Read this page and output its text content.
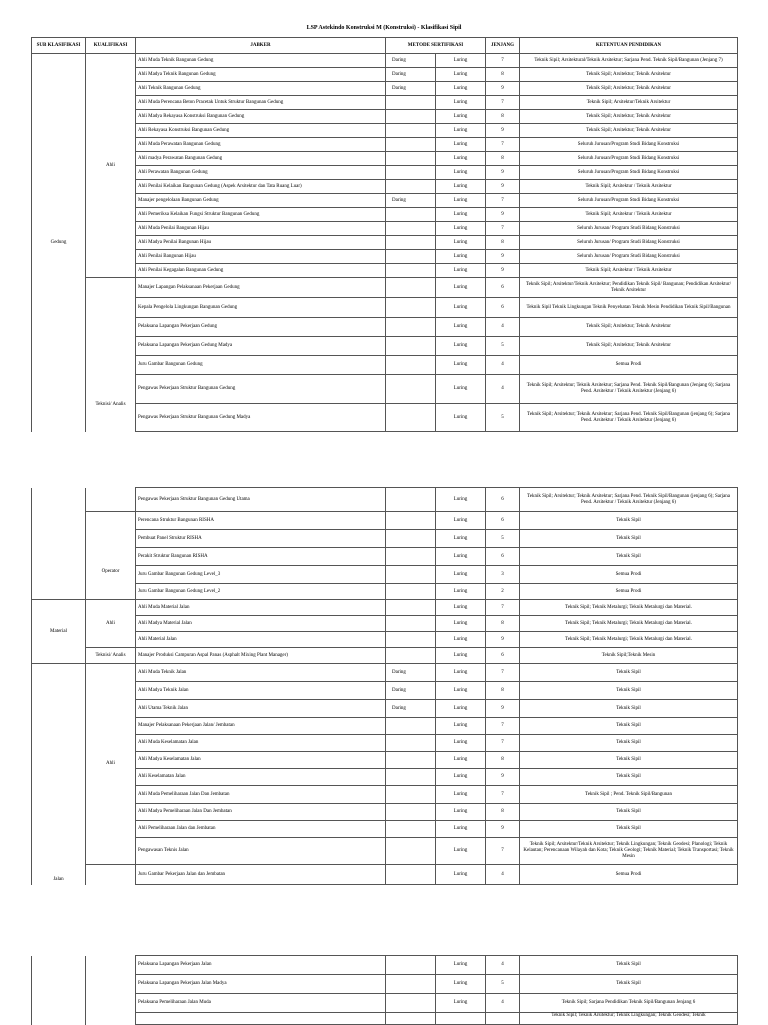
LSP Astekindo Konstruksi M (Konstruksi) - Klasifikasi Sipil
SUB KLASIFIKASI	KUALIFIKASI	JABKER	METODE SERTIFIKASI		JENJANG	KETENTUAN PENDIDIKAN
Gedung	Ahli	Ahli Muda Teknik Bangunan Gedung	Daring	Luring	7	Teknik Sipil; Arsitektural/Teknik Arsitektur; Sarjana Pend. Teknik Sipil/Bangunan (Jenjang 7)
		Ahli Madya Teknik Bangunan Gedung	Daring	Luring	8	Teknik Sipil; Arsitektur; Teknik Arsitektur
		Ahli Teknik Bangunan Gedung	Daring	Luring	9	Teknik Sipil; Arsitektur; Teknik Arsitektur
		Ahli Muda Perencana Beton Pracetak Untuk Struktur Bangunan Gedung		Luring	7	Teknik Sipil; Arsitektur/Teknik Arsitektur
		Ahli Madya Rekayasa Konstruksi Bangunan Gedung		Luring	8	Teknik Sipil; Arsitektur; Teknik Arsitektur
		Ahli Rekayasa Konstruksi Bangunan Gedung		Luring	9	Teknik Sipil; Arsitektur; Teknik Arsitektur
		Ahli Muda Perawatan Bangunan Gedung		Luring	7	Seluruh Jurusan/Program Studi Bidang Konstruksi
		Ahli madya Perawatan Bangunan Gedung		Luring	8	Seluruh Jurusan/Program Studi Bidang Konstruksi
		Ahli Perawatan Bangunan Gedung		Luring	9	Seluruh Jurusan/Program Studi Bidang Konstruksi
		Ahli Penilai Kelaikan Bangunan Gedung (Aspek Arsitektur dan Tata Ruang Luar)		Luring	9	Teknik Sipil; Arsitektur / Teknik Arsitektur
		Manajer pengelolaan Bangunan Gedung	Daring	Luring	7	Seluruh Jurusan/Program Studi Bidang Konstruksi
		Ahli Pemeriksa Kelaikan Fungsi Struktur Bangunan Gedung		Luring	9	Teknik Sipil; Arsitektur / Teknik Arsitektur
		Ahli Muda Penilai Bangunan Hijau		Luring	7	Seluruh Jurusan/ Program Studi Bidang Konstruksi
		Ahli Madya Penilai Bangunan Hijau		Luring	8	Seluruh Jurusan/ Program Studi Bidang Konstruksi
		Ahli Penilai Bangunan Hijau		Luring	9	Seluruh Jurusan/ Program Studi Bidang Konstruksi
		Ahli Penilai Kegagalan Bangunan Gedung		Luring	9	Teknik Sipil; Arsitektur / Teknik Arsitektur
	Teknisi/ Analis	Manajer Lapangan Pelaksanaan Pekerjaan Gedung		Luring	6	Teknik Sipil; Arsitektur/Teknik Arsitektur; Pendidikan Teknik Sipil/ Bangunan; Pendidikan Arsitektur/ Teknik Arsitektur
		Kepala Pengelola Lingkungan Bangunan Gedung		Luring	6	Teknik Sipil Teknik Lingkungan Teknik Penyehatan Teknik Mesin Pendidikan Teknik Sipil/Bangunan
		Pelaksana Lapangan Pekerjaan Gedung		Luring	4	Teknik Sipil; Arsitektur; Teknik Arsitektur
		Pelaksana Lapangan Pekerjaan Gedung Madya		Luring	5	Teknik Sipil; Arsitektur; Teknik Arsitektur
		Juru Gambar Bangunan Gedung		Luring	4	Semua Prodi
		Pengawas Pekerjaan Struktur Bangunan Gedung		Luring	4	Teknik Sipil; Arsitektur; Teknik Arsitektur; Sarjana Pend. Teknik Sipil/Bangunan (Jenjang 6); Sarjana Pend. Arsitektur / Teknik Arsitektur (Jenjang 6)
		Pengawas Pekerjaan Struktur Bangunan Gedung Madya		Luring	5	Teknik Sipil; Arsitektur; Teknik Arsitektur; Sarjana Pend. Teknik Sipil/Bangunan (jenjang 6); Sarjana Pend. Arsitektur / Teknik Arsitektur (Jenjang 6)
		Pengawas Pekerjaan Struktur Bangunan Gedung Utama		Luring	6	Teknik Sipil; Arsitektur; Teknik Arsitektur; Sarjana Pend. Teknik Sipil/Bangunan (jenjang 6); Sarjana Pend. Arsitektur / Teknik Arsitektur (Jenjang 6)
	Operator	Perencana Struktur Bangunan RISHA		Luring	6	Teknik Sipil
		Pembuat Panel Struktur RISHA		Luring	5	Teknik Sipil
		Perakit Struktur Bangunan RISHA		Luring	6	Teknik Sipil
		Juru Gambar Bangunan Gedung Level_3		Luring	3	Semua Prodi
		Juru Gambar Bangunan Gedung Level_2		Luring	2	Semua Prodi
Material	Ahli	Ahli Muda Material Jalan		Luring	7	Teknik Sipil; Teknik Metalurgi; Teknik Metalurgi dan Material.
		Ahli Madya Material Jalan		Luring	8	Teknik Sipil; Teknik Metalurgi; Teknik Metalurgi dan Material.
		Ahli Material Jalan		Luring	9	Teknik Sipil; Teknik Metalurgi; Teknik Metalurgi dan Material.
	Teknisi/ Analis	Manajer Produksi Campuran Aspal Panas (Asphalt Mixing Plant Manager)		Luring	6	Teknik Sipil;Teknik Mesin
Jalan	Ahli	Ahli Muda Teknik Jalan	Daring	Luring	7	Teknik Sipil
		Ahli Madya Teknik Jalan	Daring	Luring	8	Teknik Sipil
		Ahli Utama Teknik Jalan	Daring	Luring	9	Teknik Sipil
		Manajer Pelaksanaan Pekerjaan Jalan/ Jembatan		Luring	7	Teknik Sipil
		Ahli Muda Keselamatan Jalan		Luring	7	Teknik Sipil
		Ahli Madya Keselamatan Jalan		Luring	8	Teknik Sipil
		Ahli Keselamatan Jalan		Luring	9	Teknik Sipil
		Ahli Muda Pemeliharaan Jalan Dan Jembatan		Luring	7	Teknik Sipil ; Pend. Teknik Sipil/Bangunan
		Ahli Madya Pemeliharaan Jalan Dan Jembatan		Luring	8	Teknik Sipil
		Ahli Pemeliharaan Jalan dan Jembatan		Luring	9	Teknik Sipil
		Pengawasan Teknis Jalan		Luring	7	Teknik Sipil; Arsitektur/Teknik Arsitektur; Teknik Lingkungan; Teknik Geodesi; Planologi; Teknik Kelautan; Perencanaan Wilayah dan Kota; Teknik Geologi; Teknik Material; Teknik Transportasi; Teknik Mesin
		Juru Gambar Pekerjaan Jalan dan Jembatan		Luring	4	Semua Prodi
		Pelaksana Lapangan Pekerjaan Jalan		Luring	4	Teknik Sipil
		Pelaksana Lapangan Pekerjaan Jalan Madya		Luring	5	Teknik Sipil
		Pelaksana Pemeliharaan Jalan Muda		Luring	4	Teknik Sipil; Sarjana Pendidikan Teknik Sipil/Bangunan Jenjang 6
						Teknik Sipil; Teknik Arsitektur; Teknik Lingkungan; Teknik Geodesi; Teknik
